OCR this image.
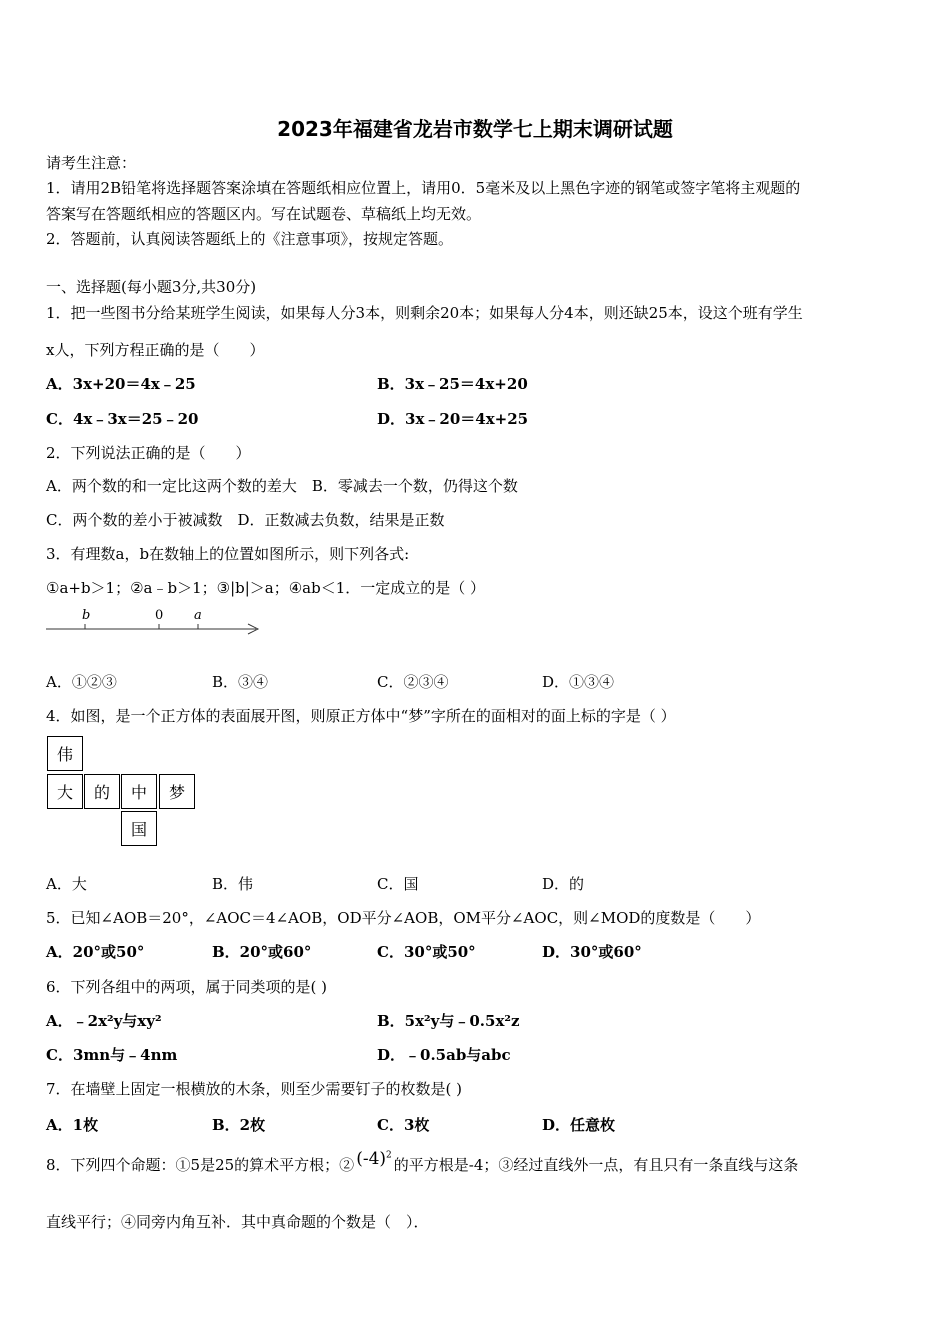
2023年福建省龙岩市数学七上期末调研试题
请考生注意：
1．请用2B铅笔将选择题答案涂填在答题纸相应位置上，请用0．5毫米及以上黑色字迹的钢笔或签字笔将主观题的
答案写在答题纸相应的答题区内。写在试题卷、草稿纸上均无效。
2．答题前，认真阅读答题纸上的《注意事项》，按规定答题。
一、选择题(每小题3分,共30分)
1．把一些图书分给某班学生阅读，如果每人分3本，则剩余20本；如果每人分4本，则还缺25本，设这个班有学生
x人，下列方程正确的是（　　）
A．3x+20＝4x﹣25	B．3x﹣25＝4x+20
C．4x﹣3x＝25﹣20	D．3x﹣20＝4x+25
2．下列说法正确的是（　　）
A．两个数的和一定比这两个数的差大　B．零减去一个数，仍得这个数
C．两个数的差小于被减数　D．正数减去负数，结果是正数
3．有理数a，b在数轴上的位置如图所示，则下列各式:
①a+b＞1；②a﹣b＞1；③|b|＞a；④ab＜1．一定成立的是（ ）
b	0 a
A．①②③	B．③④	C．②③④	D．①③④
4．如图，是一个正方体的表面展开图，则原正方体中“梦”字所在的面相对的面上标的字是（ ）
伟
大	的	中	梦
国
A．大	B．伟	C．国	D．的
5．已知∠AOB＝20°，∠AOC＝4∠AOB，OD平分∠AOB，OM平分∠AOC，则∠MOD的度数是（　　）
A．20°或50°	B．20°或60°	C．30°或50°	D．30°或60°
6．下列各组中的两项，属于同类项的是( )
A．﹣2x²y与xy²	B．5x²y与﹣0.5x²z
C．3mn与﹣4nm	D．﹣0.5ab与abc
7．在墙壁上固定一根横放的木条，则至少需要钉子的枚数是( )
A．1枚	B．2枚	C．3枚	D．任意枚
8．下列四个命题：①5是25的算术平方根；② $(-4)^2$的平方根是-4；③经过直线外一点，有且只有一条直线与这条
直线平行；④同旁内角互补．其中真命题的个数是（　）．
